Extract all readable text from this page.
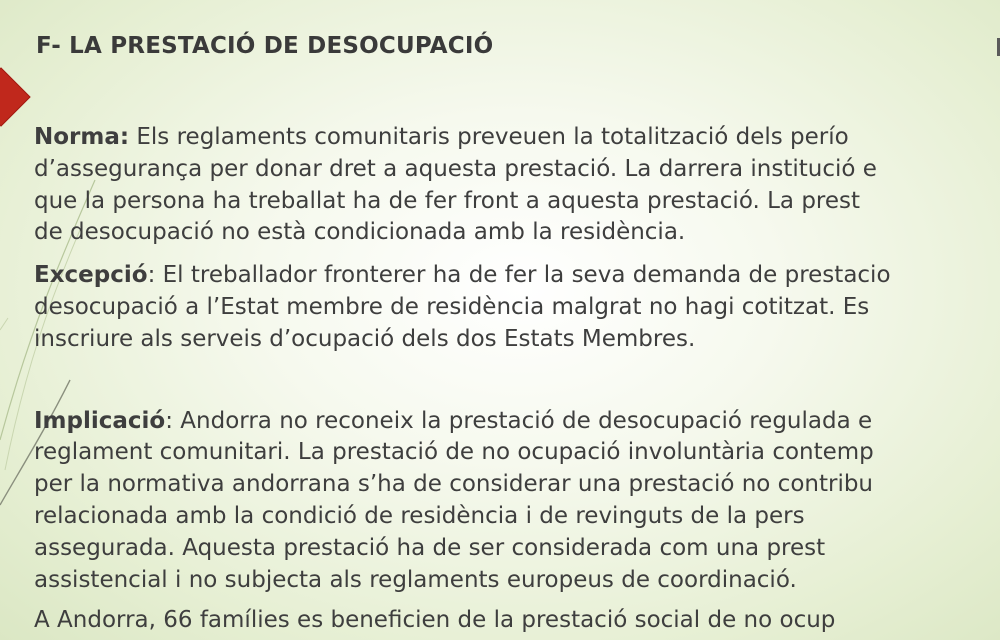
F- LA PRESTACIÓ DE DESOCUPACIÓ

Norma: Els reglaments comunitaris preveuen la totalització dels perío
d’assegurança per donar dret a aquesta prestació. La darrera institució e
que la persona ha treballat ha de fer front a aquesta prestació. La prest
de desocupació no està condicionada amb la residència.

Excepció: El treballador fronterer ha de fer la seva demanda de prestacio
desocupació a l’Estat membre de residència malgrat no hagi cotitzat. Es
inscriure als serveis d’ocupació dels dos Estats Membres.

Implicació: Andorra no reconeix la prestació de desocupació regulada e
reglament comunitari. La prestació de no ocupació involuntària contemp
per la normativa andorrana s’ha de considerar una prestació no contribu
relacionada amb la condició de residència i de revinguts de la pers
assegurada. Aquesta prestació ha de ser considerada com una prest
assistencial i no subjecta als reglaments europeus de coordinació.

A Andorra, 66 famílies es beneficien de la prestació social de no ocup
